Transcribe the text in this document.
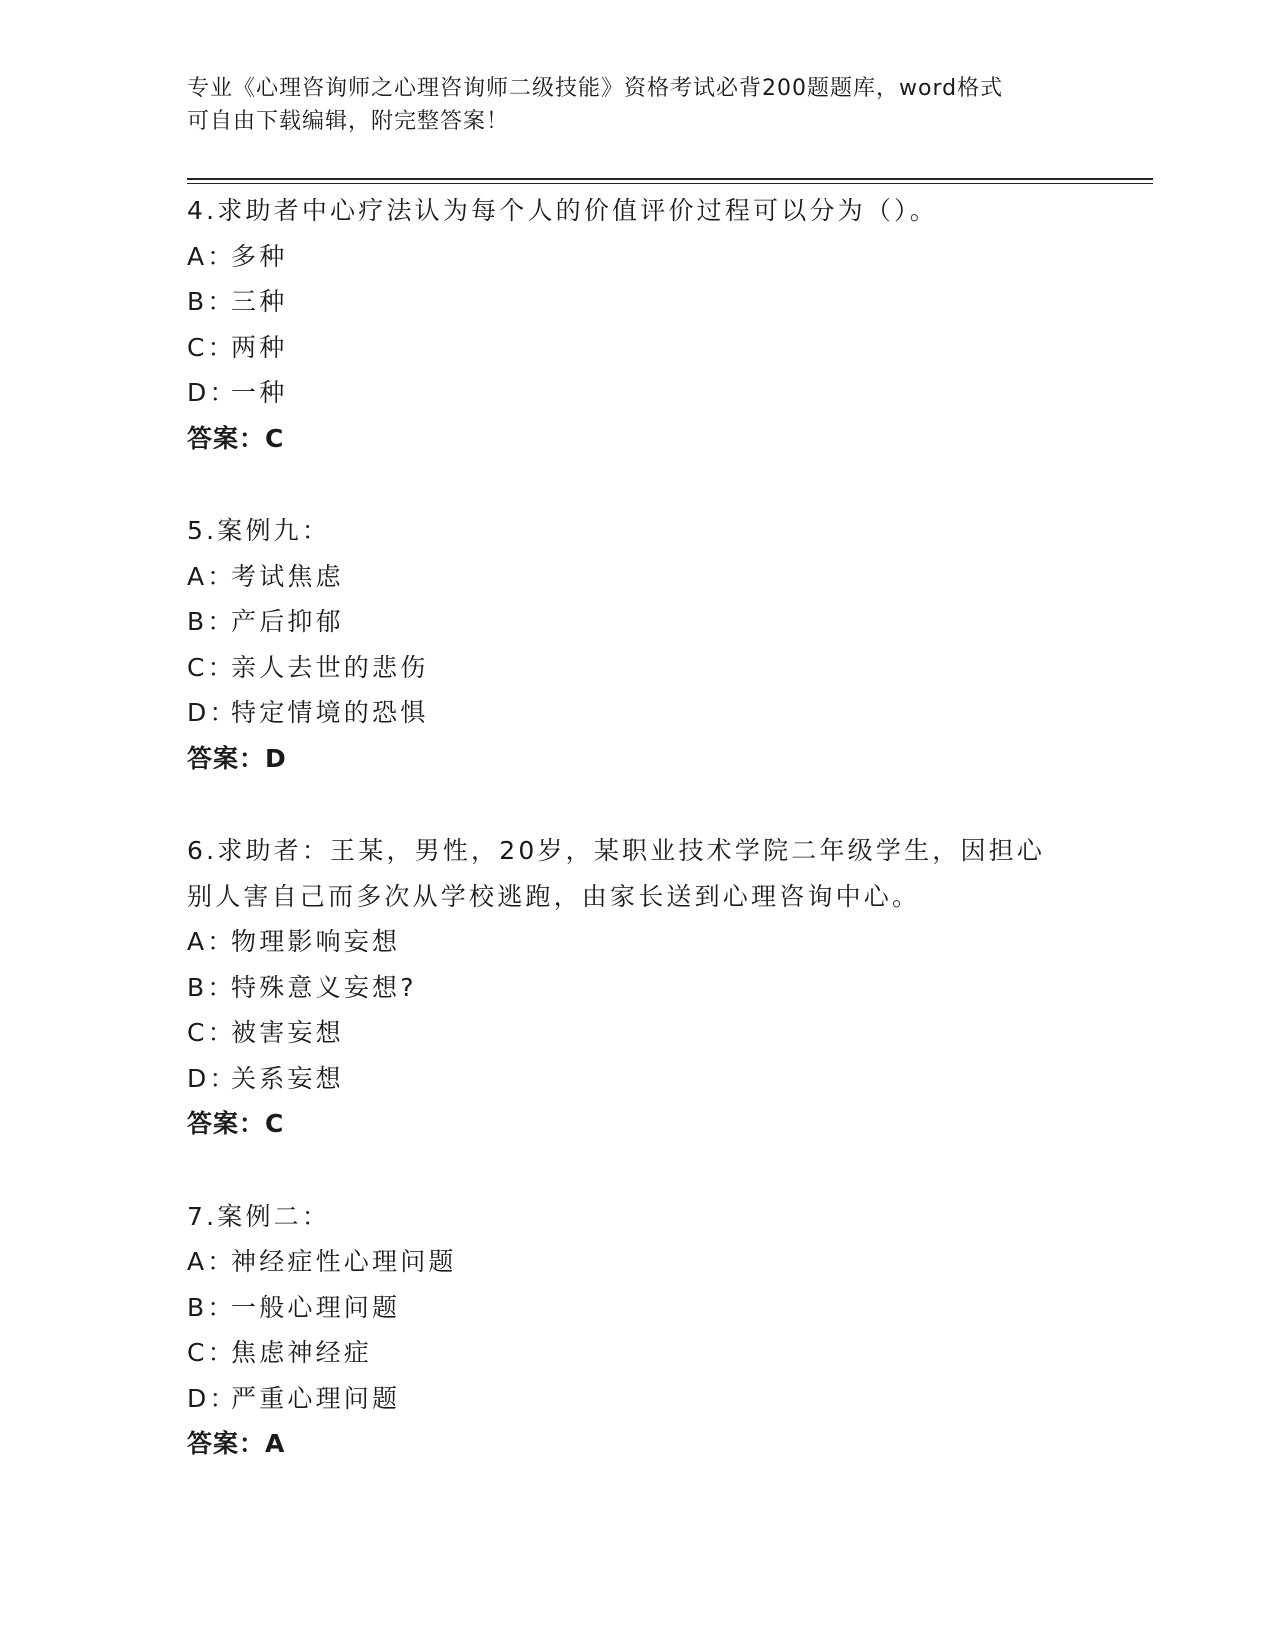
专业《心理咨询师之心理咨询师二级技能》资格考试必背200题题库，word格式
可自由下载编辑，附完整答案！
4.求助者中心疗法认为每个人的价值评价过程可以分为（）。
A：多种
B：三种
C：两种
D：一种
答案：C
5.案例九：
A：考试焦虑
B：产后抑郁
C：亲人去世的悲伤
D：特定情境的恐惧
答案：D
6.求助者：王某，男性，20岁，某职业技术学院二年级学生，因担心
别人害自己而多次从学校逃跑，由家长送到心理咨询中心。
A：物理影响妄想
B：特殊意义妄想?
C：被害妄想
D：关系妄想
答案：C
7.案例二：
A：神经症性心理问题
B：一般心理问题
C：焦虑神经症
D：严重心理问题
答案：A
